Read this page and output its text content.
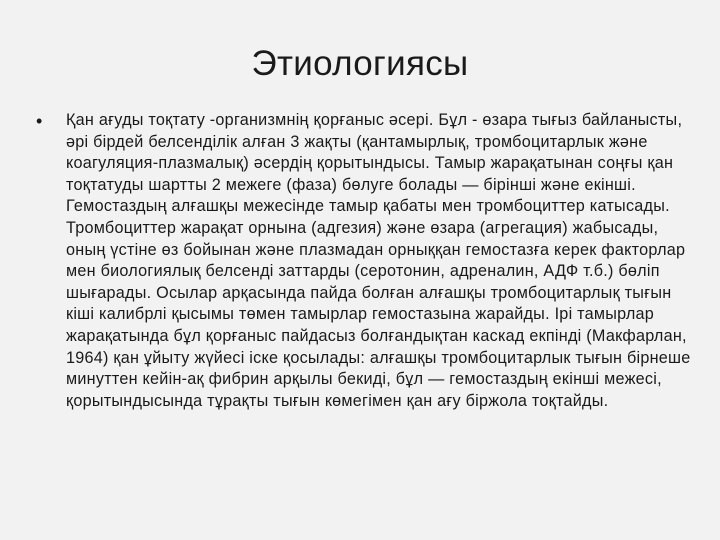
Этиологиясы
• Қан ағуды тоқтату -организмнің қорғаныс әсері. Бұл - өзара тығыз байланысты, әрі бірдей белсенділік алған 3 жақты (қантамырлық, тромбоцитарлык және коагуляция-плазмалық) әсердің қорытындысы. Тамыр жарақатынан соңғы қан тоқтатуды шартты 2 межеге (фаза) бөлуге болады — бірінші және екінші. Гемостаздың алғашқы межесінде тамыр қабаты мен тромбоциттер катысады. Тромбоциттер жарақат орнына (адгезия) және өзара (агрегация) жабысады, оның үстіне өз бойынан және плазмадан орныққан гемостазға керек факторлар мен биологиялық белсенді заттарды (серотонин, адреналин, АДФ т.б.) бөліп шығарады. Осылар арқасында пайда болған алғашқы тромбоцитарлық тығын кіші калибрлі қысымы төмен тамырлар гемостазына жарайды. Ірі тамырлар жарақатында бұл қорғаныс пайдасыз болғандықтан каскад екпінді (Макфарлан, 1964) қан ұйыту жүйесі іске қосылады: алғашқы тромбоцитарлык тығын бірнеше минуттен кейін-ақ фибрин арқылы бекиді, бұл — гемостаздың екінші межесі, қорытындысында тұрақты тығын көмегімен қан ағу біржола тоқтайды.
